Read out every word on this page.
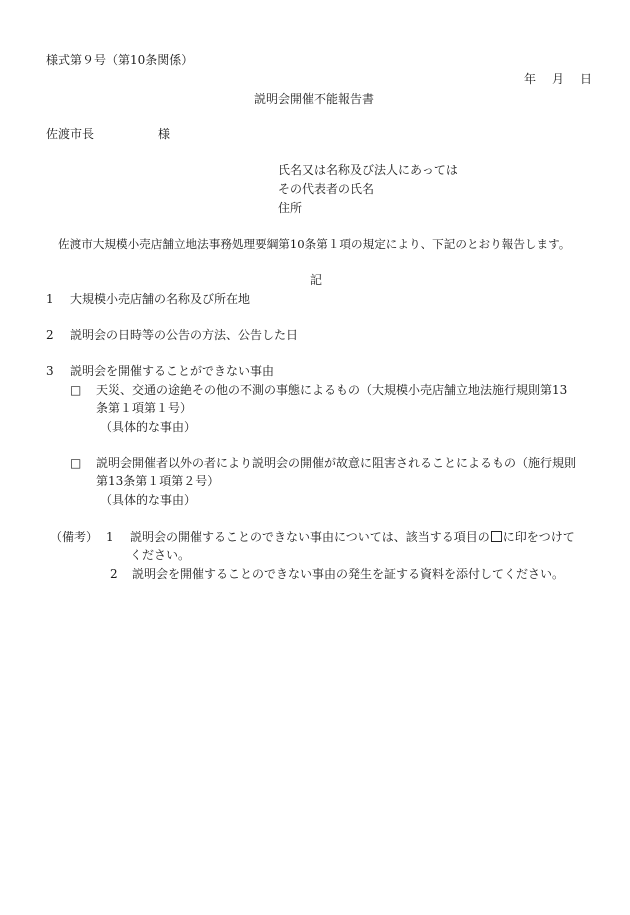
様式第９号（第10条関係）
年　月　日
説明会開催不能報告書
佐渡市長	様
氏名又は名称及び法人にあっては
その代表者の氏名
住所
佐渡市大規模小売店舗立地法事務処理要綱第10条第１項の規定により、下記のとおり報告します。
記
1 大規模小売店舗の名称及び所在地
2 説明会の日時等の公告の方法、公告した日
3 説明会を開催することができない事由
□ 天災、交通の途絶その他の不測の事態によるもの（大規模小売店舗立地法施行規則第13
条第１項第１号）
（具体的な事由）
□ 説明会開催者以外の者により説明会の開催が故意に阻害されることによるもの（施行規則
第13条第１項第２号）
（具体的な事由）
（備考） 1 説明会の開催することのできない事由については、該当する項目の に印をつけて
ください。
2 説明会を開催することのできない事由の発生を証する資料を添付してください。
